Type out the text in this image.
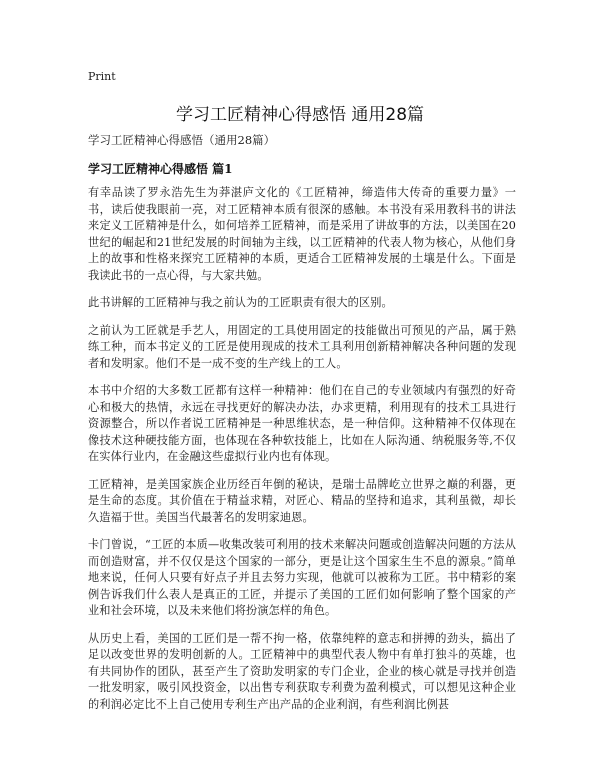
Print
学习工匠精神心得感悟 通用28篇
学习工匠精神心得感悟（通用28篇）
学习工匠精神心得感悟 篇1

有幸品读了罗永浩先生为莽湛庐文化的《工匠精神，缔造伟大传奇的重要力量》一书，读后使我眼前一亮，对工匠精神本质有很深的感触。本书没有采用教科书的讲法来定义工匠精神是什么，如何培养工匠精神，而是采用了讲故事的方法，以美国在20世纪的崛起和21世纪发展的时间轴为主线，以工匠精神的代表人物为核心，从他们身上的故事和性格来探究工匠精神的本质，更适合工匠精神发展的土壤是什么。下面是我读此书的一点心得，与大家共勉。

此书讲解的工匠精神与我之前认为的工匠职责有很大的区别。

之前认为工匠就是手艺人，用固定的工具使用固定的技能做出可预见的产品，属于熟练工种，而本书定义的工匠是使用现成的技术工具利用创新精神解决各种问题的发现者和发明家。他们不是一成不变的生产线上的工人。

本书中介绍的大多数工匠都有这样一种精神：他们在自己的专业领域内有强烈的好奇心和极大的热情，永远在寻找更好的解决办法，办求更精，利用现有的技术工具进行资源整合，所以作者说工匠精神是一种思维状态，是一种信仰。这种精神不仅体现在像技术这种硬技能方面，也体现在各种软技能上，比如在人际沟通、纳税服务等,不仅在实体行业内，在金融这些虚拟行业内也有体现。

工匠精神，是美国家族企业历经百年倒的秘诀，是瑞士品牌屹立世界之巅的利器，更是生命的态度。其价值在于精益求精，对匠心、精品的坚持和追求，其利虽微，却长久造福于世。美国当代最著名的发明家迪恩。

卡门曾说，“工匠的本质—收集改装可利用的技术来解决问题或创造解决问题的方法从而创造财富，并不仅仅是这个国家的一部分，更是让这个国家生生不息的源泉。”简单地来说，任何人只要有好点子并且去努力实现，他就可以被称为工匠。书中精彩的案例告诉我们什么表人是真正的工匠，并提示了美国的工匠们如何影响了整个国家的产业和社会环境，以及未来他们将扮演怎样的角色。

从历史上看，美国的工匠们是一帮不拘一格，依靠纯粹的意志和拼搏的劲头，搞出了足以改变世界的发明创新的人。工匠精神中的典型代表人物中有单打独斗的英雄，也有共同协作的团队，甚至产生了资助发明家的专门企业，企业的核心就是寻找并创造一批发明家，吸引风投资金，以出售专利获取专利费为盈利模式，可以想见这种企业的利润必定比不上自己使用专利生产出产品的企业利润，有些利润比例甚
